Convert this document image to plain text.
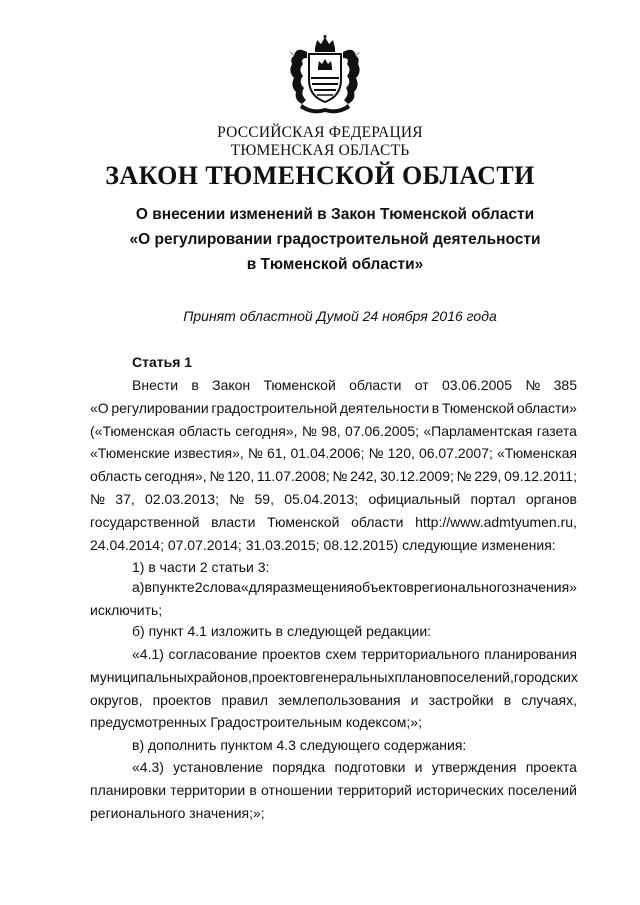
РОССИЙСКАЯ ФЕДЕРАЦИЯ
ТЮМЕНСКАЯ ОБЛАСТЬ
ЗАКОН ТЮМЕНСКОЙ ОБЛАСТИ
О внесении изменений в Закон Тюменской области
«О регулировании градостроительной деятельности
в Тюменской области»
Принят областной Думой 24 ноября 2016 года
Статья 1
Внести в Закон Тюменской области от 03.06.2005 № 385
«О регулировании градостроительной деятельности в Тюменской области»
(«Тюменская область сегодня», № 98, 07.06.2005; «Парламентская газета
«Тюменские известия», № 61, 01.04.2006; № 120, 06.07.2007; «Тюменская
область сегодня», № 120, 11.07.2008; № 242, 30.12.2009; № 229, 09.12.2011;
№ 37, 02.03.2013; № 59, 05.04.2013; официальный портал органов
государственной власти Тюменской области http://www.admtyumen.ru,
24.04.2014; 07.07.2014; 31.03.2015; 08.12.2015) следующие изменения:
1) в части 2 статьи 3:
а) в пункте 2 слова «для размещения объектов регионального значения»
исключить;
б) пункт 4.1 изложить в следующей редакции:
«4.1) согласование проектов схем территориального планирования
муниципальных районов, проектов генеральных планов поселений, городских
округов, проектов правил землепользования и застройки в случаях,
предусмотренных Градостроительным кодексом;»;
в) дополнить пунктом 4.3 следующего содержания:
«4.3) установление порядка подготовки и утверждения проекта
планировки территории в отношении территорий исторических поселений
регионального значения;»;
